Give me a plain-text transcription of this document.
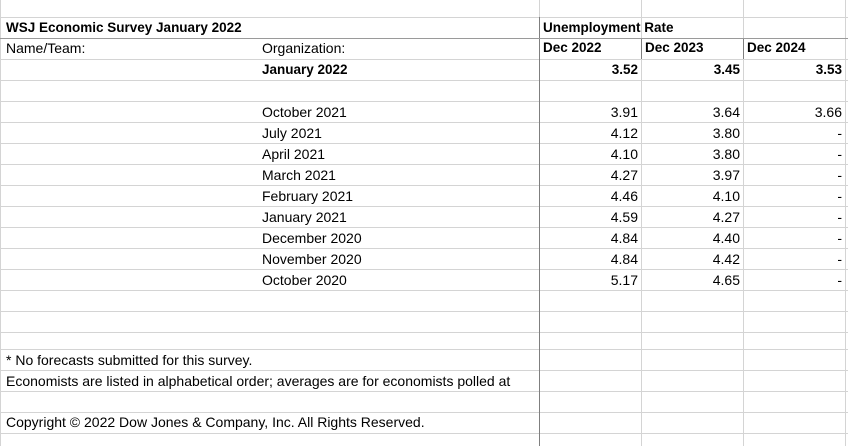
WSJ Economic Survey January 2022
Name/Team:	Organization:
Unemployment Rate
Dec 2022	Dec 2023	Dec 2024
January 2022	3.52	3.45	3.53
October 2021	3.91	3.64	3.66
July 2021	4.12	3.80	-
April 2021	4.10	3.80	-
March 2021	4.27	3.97	-
February 2021	4.46	4.10	-
January 2021	4.59	4.27	-
December 2020	4.84	4.40	-
November 2020	4.84	4.42	-
October 2020	5.17	4.65	-
* No forecasts submitted for this survey.
Economists are listed in alphabetical order; averages are for economists polled at
Copyright © 2022 Dow Jones & Company, Inc. All Rights Reserved.
